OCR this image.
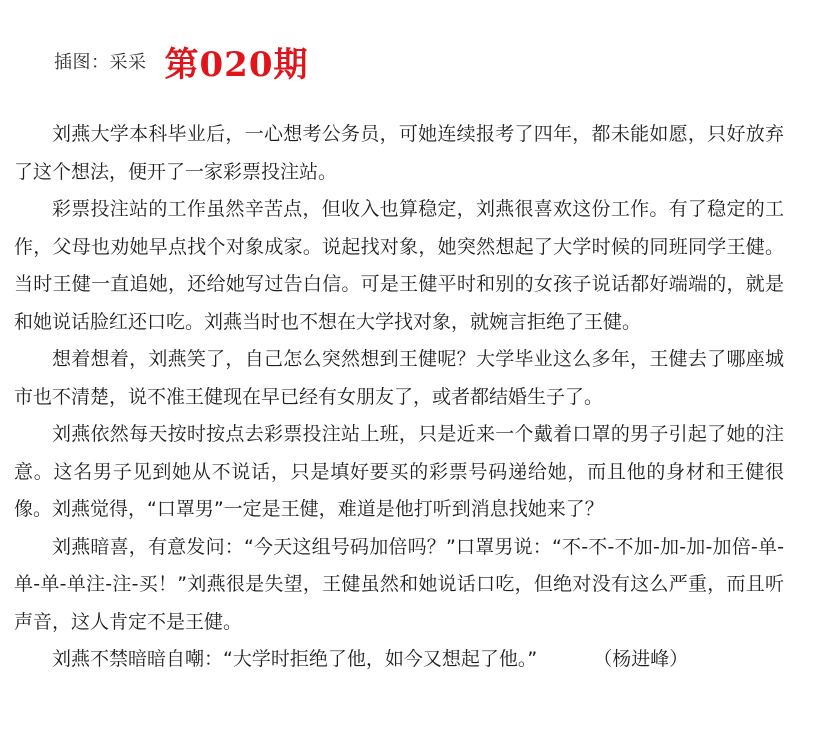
插图：采采 第020期

刘燕大学本科毕业后，一心想考公务员，可她连续报考了四年，都未能如愿，只好放弃了这个想法，便开了一家彩票投注站。

彩票投注站的工作虽然辛苦点，但收入也算稳定，刘燕很喜欢这份工作。有了稳定的工作，父母也劝她早点找个对象成家。说起找对象，她突然想起了大学时候的同班同学王健。当时王健一直追她，还给她写过告白信。可是王健平时和别的女孩子说话都好端端的，就是和她说话脸红还口吃。刘燕当时也不想在大学找对象，就婉言拒绝了王健。

想着想着，刘燕笑了，自己怎么突然想到王健呢？大学毕业这么多年，王健去了哪座城市也不清楚，说不准王健现在早已经有女朋友了，或者都结婚生子了。

刘燕依然每天按时按点去彩票投注站上班，只是近来一个戴着口罩的男子引起了她的注意。这名男子见到她从不说话，只是填好要买的彩票号码递给她，而且他的身材和王健很像。刘燕觉得，“口罩男”一定是王健，难道是他打听到消息找她来了？

刘燕暗喜，有意发问：“今天这组号码加倍吗？”口罩男说：“不-不-不加-加-加-加倍-单-单-单-单注-注-买！”刘燕很是失望，王健虽然和她说话口吃，但绝对没有这么严重，而且听声音，这人肯定不是王健。

刘燕不禁暗暗自嘲：“大学时拒绝了他，如今又想起了他。”	（杨进峰）
